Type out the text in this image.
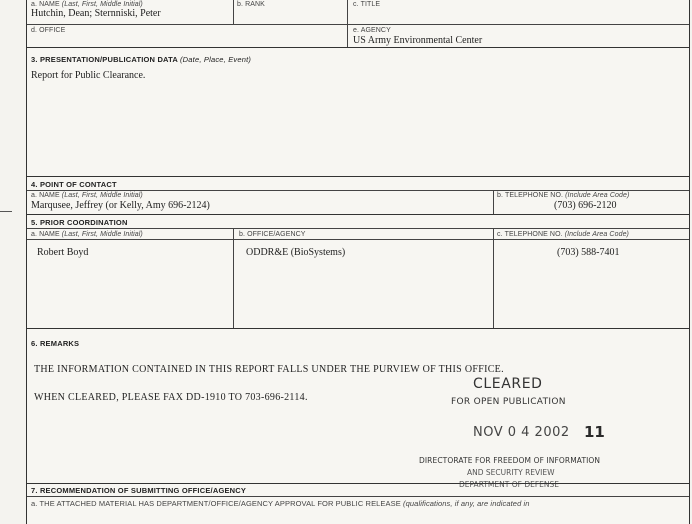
a. NAME (Last, First, Middle Initial)
Hutchin, Dean; Sternniski, Peter
b. RANK	c. TITLE
d. OFFICE	e. AGENCY
US Army Environmental Center
3. PRESENTATION/PUBLICATION DATA (Date, Place, Event)
Report for Public Clearance.
4. POINT OF CONTACT
a. NAME (Last, First, Middle Initial)
Marqusee, Jeffrey (or Kelly, Amy 696-2124)
b. TELEPHONE NO. (Include Area Code)
(703) 696-2120
5. PRIOR COORDINATION
a. NAME (Last, First, Middle Initial)	b. OFFICE/AGENCY	c. TELEPHONE NO. (Include Area Code)
Robert Boyd	ODDR&E (BioSystems)	(703) 588-7401
6. REMARKS
THE INFORMATION CONTAINED IN THIS REPORT FALLS UNDER THE PURVIEW OF THIS OFFICE.
WHEN CLEARED, PLEASE FAX DD-1910 TO 703-696-2114.
CLEARED
FOR OPEN PUBLICATION
NOV 0 4 2002 11
DIRECTORATE FOR FREEDOM OF INFORMATION
AND SECURITY REVIEW
DEPARTMENT OF DEFENSE
7. RECOMMENDATION OF SUBMITTING OFFICE/AGENCY
a. THE ATTACHED MATERIAL HAS DEPARTMENT/OFFICE/AGENCY APPROVAL FOR PUBLIC RELEASE (qualifications, if any, are indicated in
